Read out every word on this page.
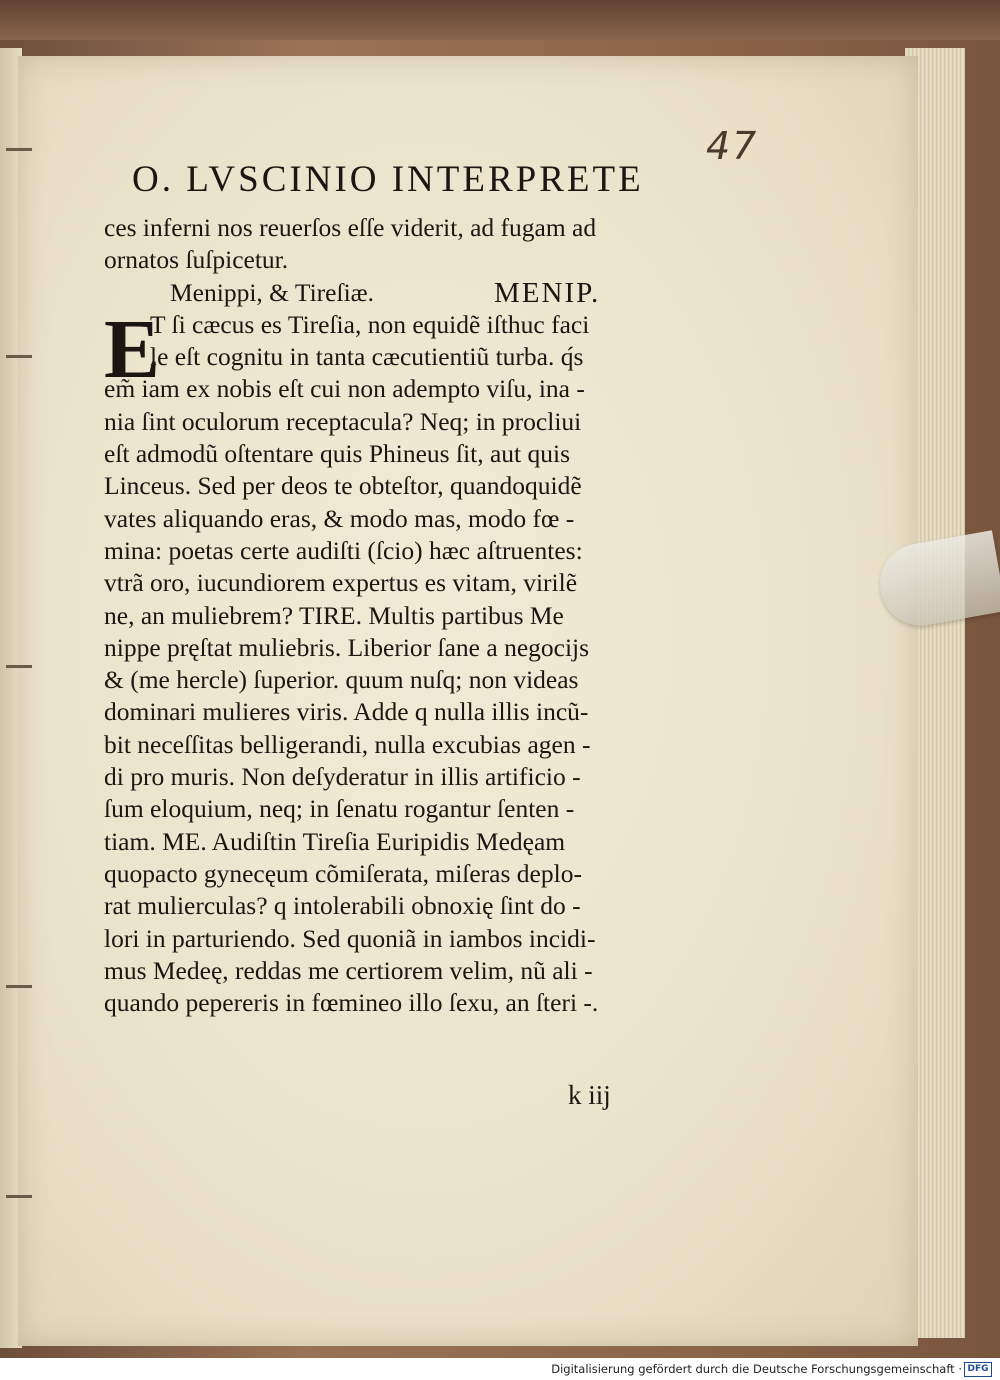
47
O. LVSCINIO INTERPRETE
E
ces inferni nos reuerſos eſſe viderit, ad fugam ad
ornatos ſuſpicetur.
Menippi, & Tireſiæ.	MENIP.
T ſi cæcus es Tireſia, non equidẽ iſthuc faci
le eſt cognitu in tanta cæcutientiũ turba. q́s
em̃ iam ex nobis eſt cui non adempto viſu, ina ‐
nia ſint oculorum receptacula? Neq; in procliui
eſt admodũ oſtentare quis Phineus ſit, aut quis
Linceus. Sed per deos te obteſtor, quandoquidẽ
vates aliquando eras, & modo mas, modo fœ ‐
mina: poetas certe audiſti (ſcio) hæc aſtruentes:
vtrã oro, iucundiorem expertus es vitam, virilẽ
ne, an muliebrem? TIRE. Multis partibus Me
nippe pręſtat muliebris. Liberior ſane a negocijs
& (me hercle) ſuperior. quum nuſq; non videas
dominari mulieres viris. Adde q nulla illis incũ‐
bit neceſſitas belligerandi, nulla excubias agen ‐
di pro muris. Non deſyderatur in illis artificio ‐
ſum eloquium, neq; in ſenatu rogantur ſenten ‐
tiam. ME. Audiſtin Tireſia Euripidis Medęam
quopacto gynecęum cõmiſerata, miſeras deplo‐
rat mulierculas? q intolerabili obnoxię ſint do ‐
lori in parturiendo. Sed quoniã in iambos incidi‐
mus Medeę, reddas me certiorem velim, nũ ali ‐
quando pepereris in fœmineo illo ſexu, an ſteri ‐.
k iij
Digitalisierung gefördert durch die Deutsche Forschungsgemeinschaft · DFG
